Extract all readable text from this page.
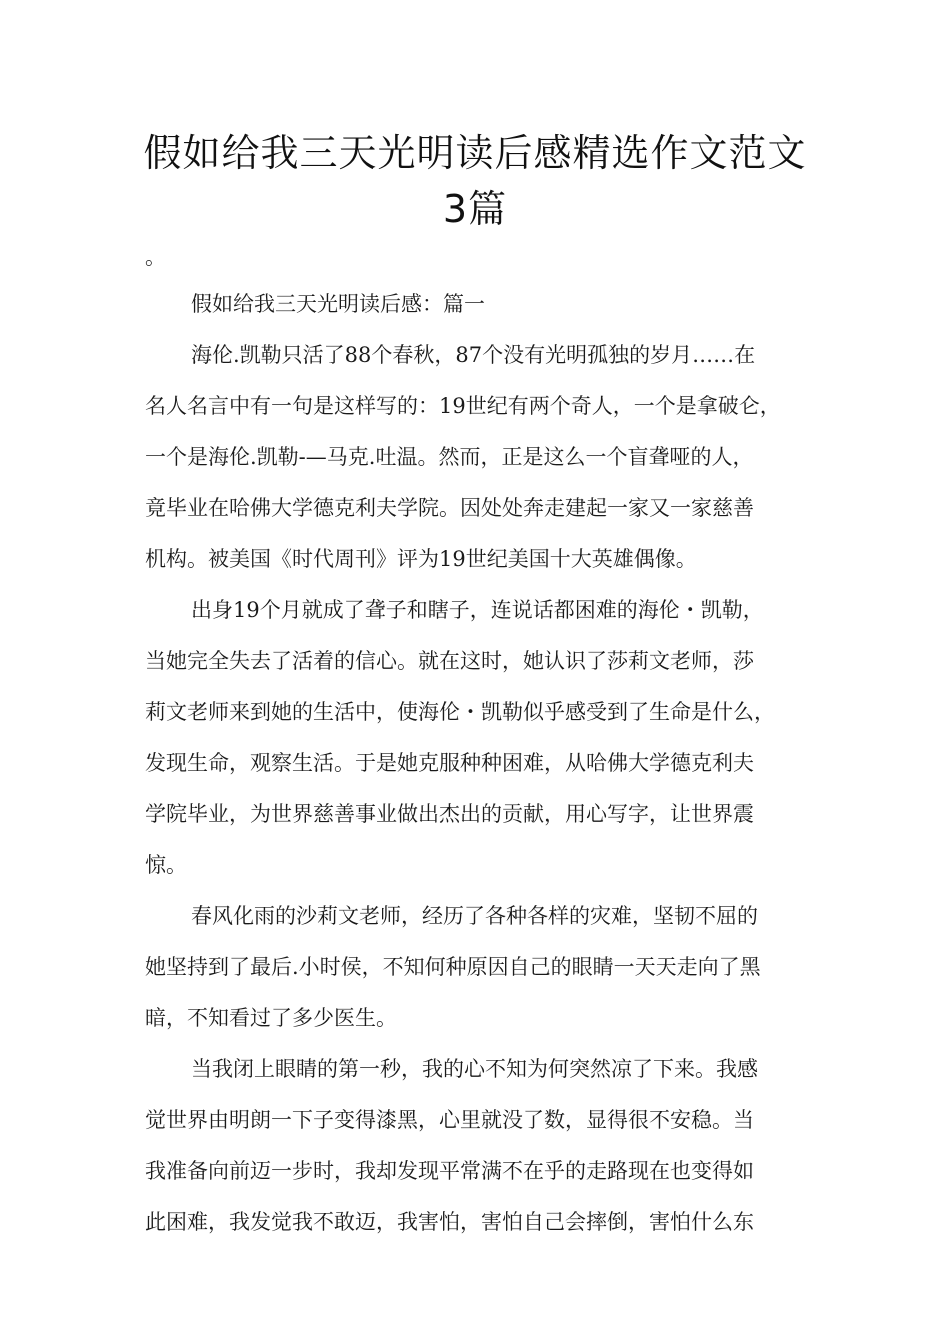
假如给我三天光明读后感精选作文范文
3篇
。
假如给我三天光明读后感：篇一
海伦.凯勒只活了88个春秋，87个没有光明孤独的岁月……在
名人名言中有一句是这样写的：19世纪有两个奇人，一个是拿破仑，
一个是海伦.凯勒-—马克.吐温。然而，正是这么一个盲聋哑的人，
竟毕业在哈佛大学德克利夫学院。因处处奔走建起一家又一家慈善
机构。被美国《时代周刊》评为19世纪美国十大英雄偶像。
出身19个月就成了聋子和瞎子，连说话都困难的海伦・凯勒，
当她完全失去了活着的信心。就在这时，她认识了莎莉文老师，莎
莉文老师来到她的生活中，使海伦・凯勒似乎感受到了生命是什么，
发现生命，观察生活。于是她克服种种困难，从哈佛大学德克利夫
学院毕业，为世界慈善事业做出杰出的贡献，用心写字，让世界震
惊。
春风化雨的沙莉文老师，经历了各种各样的灾难，坚韧不屈的
她坚持到了最后.小时侯，不知何种原因自己的眼睛一天天走向了黑
暗，不知看过了多少医生。
当我闭上眼睛的第一秒，我的心不知为何突然凉了下来。我感
觉世界由明朗一下子变得漆黑，心里就没了数，显得很不安稳。当
我准备向前迈一步时，我却发现平常满不在乎的走路现在也变得如
此困难，我发觉我不敢迈，我害怕，害怕自己会摔倒，害怕什么东
